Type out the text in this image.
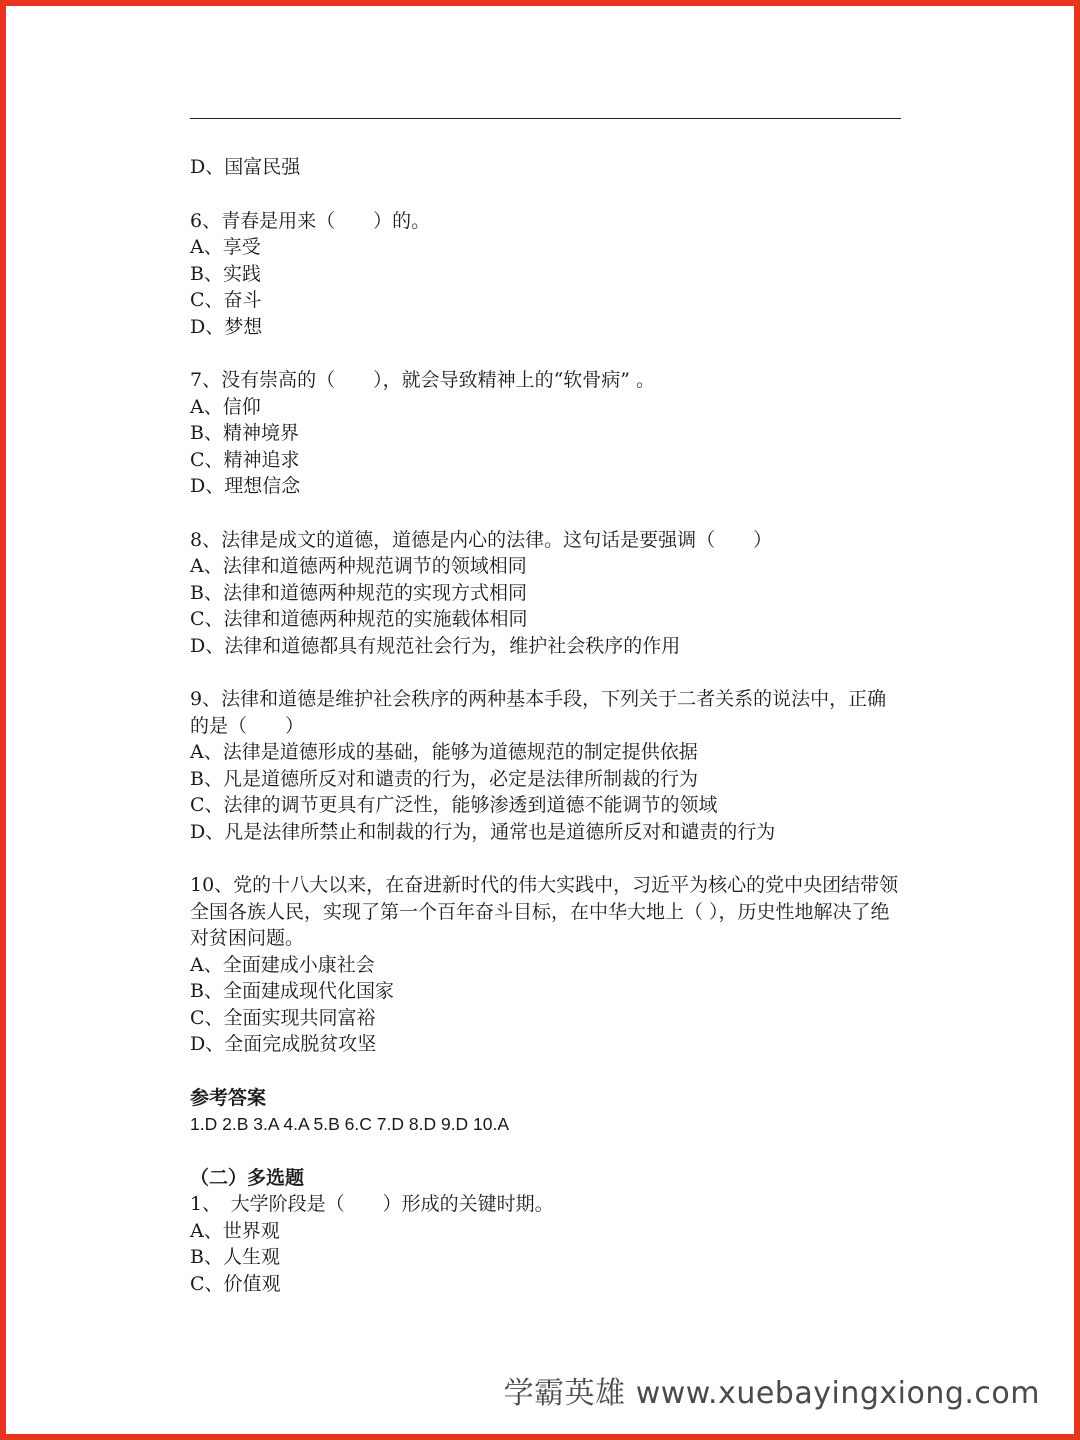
D、国富民强
6、青春是用来（　　）的。
A、享受
B、实践
C、奋斗
D、梦想
7、没有崇高的（　　），就会导致精神上的“软骨病” 。
A、信仰
B、精神境界
C、精神追求
D、理想信念
8、法律是成文的道德，道德是内心的法律。这句话是要强调（　　）
A、法律和道德两种规范调节的领域相同
B、法律和道德两种规范的实现方式相同
C、法律和道德两种规范的实施载体相同
D、法律和道德都具有规范社会行为，维护社会秩序的作用
9、法律和道德是维护社会秩序的两种基本手段，下列关于二者关系的说法中，正确的是（　　）
A、法律是道德形成的基础，能够为道德规范的制定提供依据
B、凡是道德所反对和谴责的行为，必定是法律所制裁的行为
C、法律的调节更具有广泛性，能够渗透到道德不能调节的领域
D、凡是法律所禁止和制裁的行为，通常也是道德所反对和谴责的行为
10、党的十八大以来，在奋进新时代的伟大实践中，习近平为核心的党中央团结带领全国各族人民，实现了第一个百年奋斗目标，在中华大地上（ ），历史性地解决了绝对贫困问题。
A、全面建成小康社会
B、全面建成现代化国家
C、全面实现共同富裕
D、全面完成脱贫攻坚
参考答案
1.D 2.B 3.A 4.A 5.B 6.C 7.D 8.D 9.D 10.A
（二）多选题
1、　大学阶段是（　　）形成的关键时期。
A、世界观
B、人生观
C、价值观
学霸英雄 www.xuebayingxiong.com
